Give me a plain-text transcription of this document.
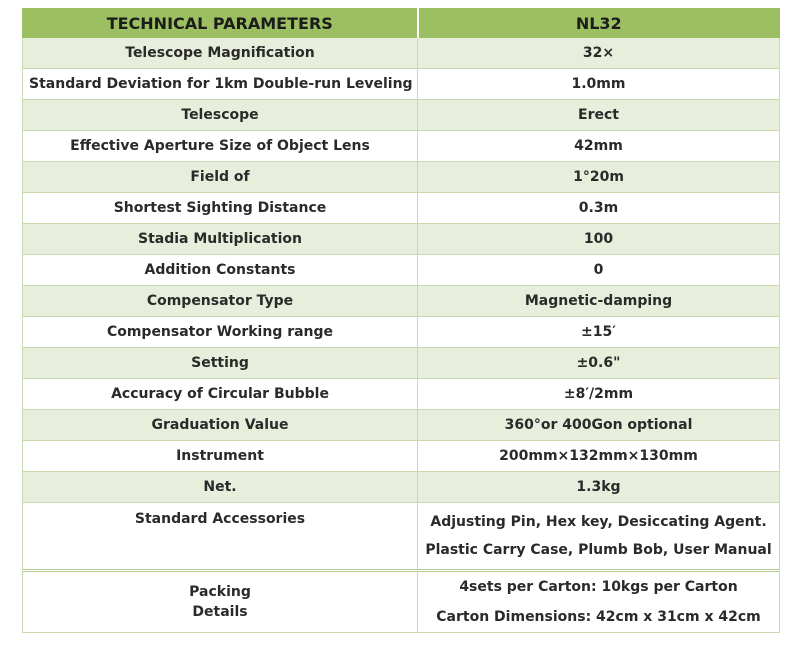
TECHNICAL PARAMETERS	NL32
Telescope Magnification	32×
Standard Deviation for 1km Double-run Leveling	1.0mm
Telescope	Erect
Effective Aperture Size of Object Lens	42mm
Field of	1°20m
Shortest Sighting Distance	0.3m
Stadia Multiplication	100
Addition Constants	0
Compensator Type	Magnetic-damping
Compensator Working range	±15′
Setting	±0.6"
Accuracy of Circular Bubble	±8′/2mm
Graduation Value	360°or 400Gon optional
Instrument	200mm×132mm×130mm
Net.	1.3kg
Standard Accessories	Adjusting Pin, Hex key, Desiccating Agent.
Plastic Carry Case, Plumb Bob, User Manual

Packing
Details	4sets per Carton: 10kgs per Carton
Carton Dimensions: 42cm x 31cm x 42cm
